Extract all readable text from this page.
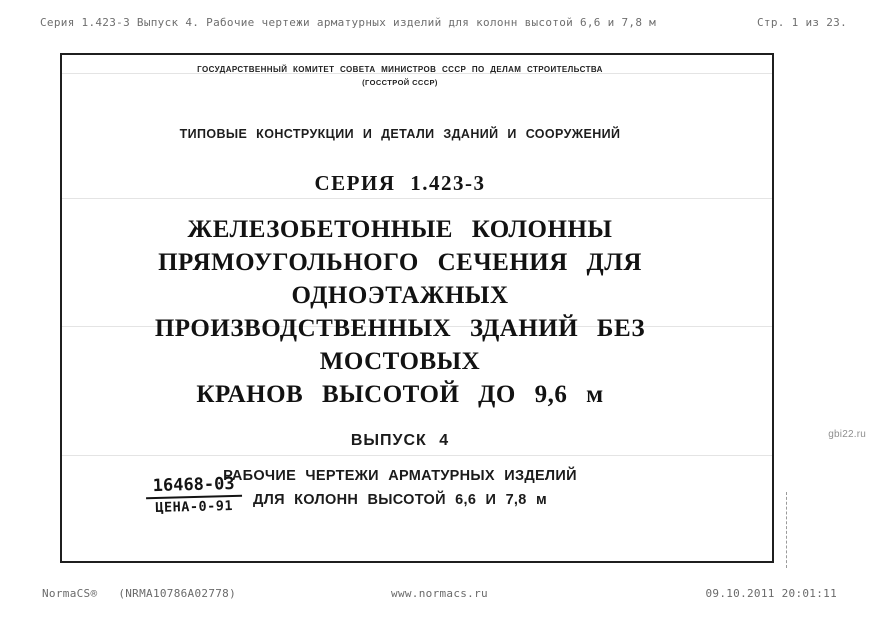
Серия 1.423-3 Выпуск 4. Рабочие чертежи арматурных изделий для колонн высотой 6,6 и 7,8 м	Стр. 1 из 23.
ГОСУДАРСТВЕННЫЙ КОМИТЕТ СОВЕТА МИНИСТРОВ СССР ПО ДЕЛАМ СТРОИТЕЛЬСТВА
(ГОССТРОЙ СССР)
ТИПОВЫЕ КОНСТРУКЦИИ И ДЕТАЛИ ЗДАНИЙ И СООРУЖЕНИЙ
СЕРИЯ 1.423-3
ЖЕЛЕЗОБЕТОННЫЕ КОЛОННЫ
ПРЯМОУГОЛЬНОГО СЕЧЕНИЯ ДЛЯ ОДНОЭТАЖНЫХ
ПРОИЗВОДСТВЕННЫХ ЗДАНИЙ БЕЗ МОСТОВЫХ
КРАНОВ ВЫСОТОЙ ДО 9,6 м
ВЫПУСК 4
РАБОЧИЕ ЧЕРТЕЖИ АРМАТУРНЫХ ИЗДЕЛИЙ
ДЛЯ КОЛОНН ВЫСОТОЙ 6,6 И 7,8 м
16468-03
ЦЕНА-0-91
gbi22.ru
NormaCS® (NRMA10786A02778)	www.normacs.ru	09.10.2011 20:01:11
